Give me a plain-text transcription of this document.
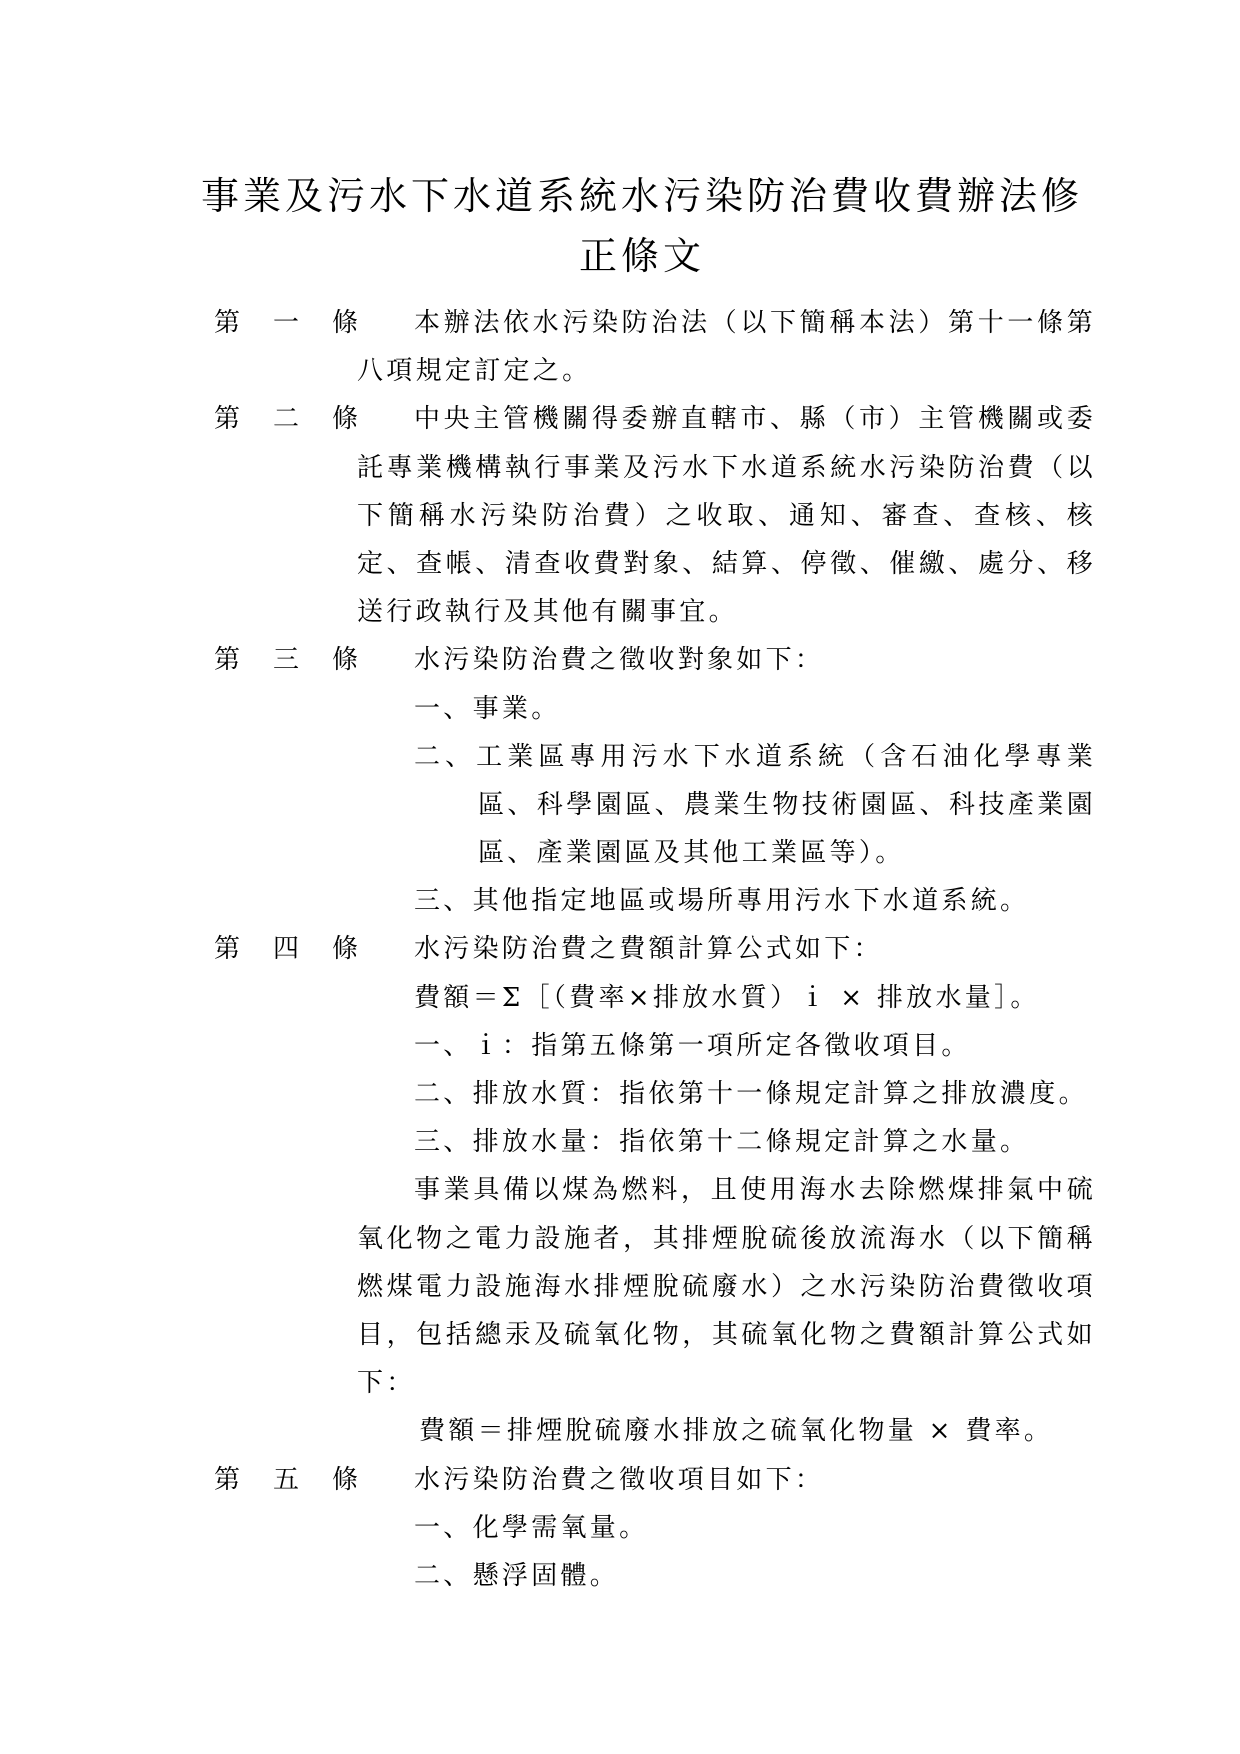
事業及污水下水道系統水污染防治費收費辦法修
正條文
第一條 本辦法依水污染防治法（以下簡稱本法）第十一條第
八項規定訂定之。
第二條 中央主管機關得委辦直轄市、縣（市）主管機關或委
託專業機構執行事業及污水下水道系統水污染防治費（以
下簡稱水污染防治費）之收取、通知、審查、查核、核
定、查帳、清查收費對象、結算、停徵、催繳、處分、移
送行政執行及其他有關事宜。
第三條 水污染防治費之徵收對象如下：
一、事業。
二、工業區專用污水下水道系統（含石油化學專業
區、科學園區、農業生物技術園區、科技產業園
區、產業園區及其他工業區等）。
三、其他指定地區或場所專用污水下水道系統。
第四條 水污染防治費之費額計算公式如下：
費額＝Σ［（費率×排放水質）ｉ × 排放水量］。
一、ｉ：指第五條第一項所定各徵收項目。
二、排放水質：指依第十一條規定計算之排放濃度。
三、排放水量：指依第十二條規定計算之水量。
事業具備以煤為燃料，且使用海水去除燃煤排氣中硫
氧化物之電力設施者，其排煙脫硫後放流海水（以下簡稱
燃煤電力設施海水排煙脫硫廢水）之水污染防治費徵收項
目，包括總汞及硫氧化物，其硫氧化物之費額計算公式如
下：
費額＝排煙脫硫廢水排放之硫氧化物量 × 費率。
第五條 水污染防治費之徵收項目如下：
一、化學需氧量。
二、懸浮固體。
